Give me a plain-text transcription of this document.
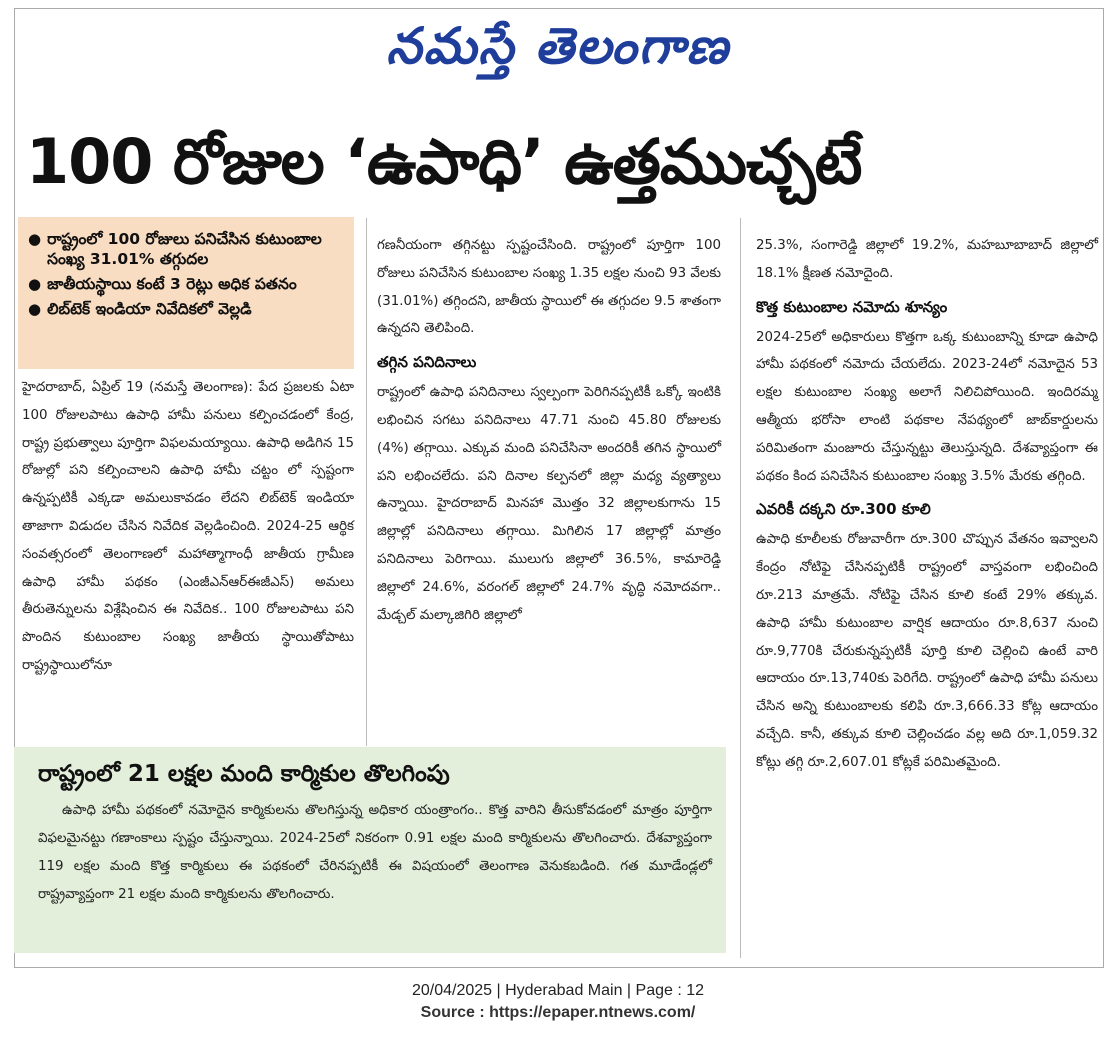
నమస్తే తెలంగాణ
100 రోజుల ‘ఉపాధి’ ఉత్తముచ్చటే
● రాష్ట్రంలో 100 రోజులు పనిచేసిన కుటుంబాల సంఖ్య 31.01% తగ్గుదల
● జాతీయస్థాయి కంటే 3 రెట్లు అధిక పతనం
● లిబ్‌టెక్ ఇండియా నివేదికలో వెల్లడి

హైదరాబాద్, ఏప్రిల్ 19 (నమస్తే తెలంగాణ): పేద ప్రజలకు ఏటా 100 రోజులపాటు ఉపాధి హామీ పనులు కల్పించడంలో కేంద్ర, రాష్ట్ర ప్రభుత్వాలు పూర్తిగా విఫలమయ్యాయి. ఉపాధి అడిగిన 15 రోజుల్లో పని కల్పించాలని ఉపాధి హామీ చట్టం లో స్పష్టంగా ఉన్నప్పటికీ ఎక్కడా అమలుకావడం లేదని లిబ్‌టెక్ ఇండియా తాజాగా విడుదల చేసిన నివేదిక వెల్లడించింది. 2024-25 ఆర్థిక సంవత్సరంలో తెలంగాణలో మహాత్మాగాంధీ జాతీయ గ్రామీణ ఉపాధి హామీ పథకం (ఎంజీఎన్‌ఆర్‌ఈజీఎస్) అమలు తీరుతెన్నులను విశ్లేషించిన ఈ నివేదిక.. 100 రోజులపాటు పని పొందిన కుటుంబాల సంఖ్య జాతీయ స్థాయితోపాటు రాష్ట్రస్థాయిలోనూ

గణనీయంగా తగ్గినట్టు స్పష్టంచేసింది. రాష్ట్రంలో పూర్తిగా 100 రోజులు పనిచేసిన కుటుంబాల సంఖ్య 1.35 లక్షల నుంచి 93 వేలకు (31.01%) తగ్గిందని, జాతీయ స్థాయిలో ఈ తగ్గుదల 9.5 శాతంగా ఉన్నదని తెలిపింది.

తగ్గిన పనిదినాలు

రాష్ట్రంలో ఉపాధి పనిదినాలు స్వల్పంగా పెరిగినప్పటికీ ఒక్కో ఇంటికి లభించిన సగటు పనిదినాలు 47.71 నుంచి 45.80 రోజులకు (4%) తగ్గాయి. ఎక్కువ మంది పనిచేసినా అందరికీ తగిన స్థాయిలో పని లభించలేదు. పని దినాల కల్పనలో జిల్లా మధ్య వ్యత్యాలు ఉన్నాయి. హైదరాబాద్ మినహా మొత్తం 32 జిల్లాలకుగాను 15 జిల్లాల్లో పనిదినాలు తగ్గాయి. మిగిలిన 17 జిల్లాల్లో మాత్రం పనిదినాలు పెరిగాయి. ములుగు జిల్లాలో 36.5%, కామారెడ్డి జిల్లాలో 24.6%, వరంగల్ జిల్లాలో 24.7% వృద్ధి నమోదవగా.. మేడ్చల్ మల్కాజిగిరి జిల్లాలో

25.3%, సంగారెడ్డి జిల్లాలో 19.2%, మహబూబాబాద్ జిల్లాలో 18.1% క్షీణత నమోదైంది.

కొత్త కుటుంబాల నమోదు శూన్యం

2024-25లో అధికారులు కొత్తగా ఒక్క కుటుంబాన్ని కూడా ఉపాధి హామీ పథకంలో నమోదు చేయలేదు. 2023-24లో నమోదైన 53 లక్షల కుటుంబాల సంఖ్య అలాగే నిలిచిపోయింది. ఇందిరమ్మ ఆత్మీయ భరోసా లాంటి పథకాల నేపథ్యంలో జాబ్‌కార్డులను పరిమితంగా మంజూరు చేస్తున్నట్టు తెలుస్తున్నది. దేశవ్యాప్తంగా ఈ పథకం కింద పనిచేసిన కుటుంబాల సంఖ్య 3.5% మేరకు తగ్గింది.

ఎవరికీ దక్కని రూ.300 కూలి

ఉపాధి కూలీలకు రోజువారీగా రూ.300 చొప్పున వేతనం ఇవ్వాలని కేంద్రం నోటిఫై చేసినప్పటికీ రాష్ట్రంలో వాస్తవంగా లభించింది రూ.213 మాత్రమే. నోటిఫై చేసిన కూలి కంటే 29% తక్కువ. ఉపాధి హామీ కుటుంబాల వార్షిక ఆదాయం రూ.8,637 నుంచి రూ.9,770కి చేరుకున్నప్పటికీ పూర్తి కూలి చెల్లించి ఉంటే వారి ఆదాయం రూ.13,740కు పెరిగేది. రాష్ట్రంలో ఉపాధి హామీ పనులు చేసిన అన్ని కుటుంబాలకు కలిపి రూ.3,666.33 కోట్ల ఆదాయం వచ్చేది. కానీ, తక్కువ కూలి చెల్లించడం వల్ల అది రూ.1,059.32 కోట్లు తగ్గి రూ.2,607.01 కోట్లకే పరిమితమైంది.

రాష్ట్రంలో 21 లక్షల మంది కార్మికుల తొలగింపు

ఉపాధి హామీ పథకంలో నమోదైన కార్మికులను తొలగిస్తున్న అధికార యంత్రాంగం.. కొత్త వారిని తీసుకోవడంలో మాత్రం పూర్తిగా విఫలమైనట్టు గణాంకాలు స్పష్టం చేస్తున్నాయి. 2024-25లో నికరంగా 0.91 లక్షల మంది కార్మికులను తొలగించారు. దేశవ్యాప్తంగా 119 లక్షల మంది కొత్త కార్మికులు ఈ పథకంలో చేరినప్పటికీ ఈ విషయంలో తెలంగాణ వెనుకబడింది. గత మూడేండ్లలో రాష్ట్రవ్యాప్తంగా 21 లక్షల మంది కార్మికులను తొలగించారు.

20/04/2025 | Hyderabad Main | Page : 12
Source : https://epaper.ntnews.com/
